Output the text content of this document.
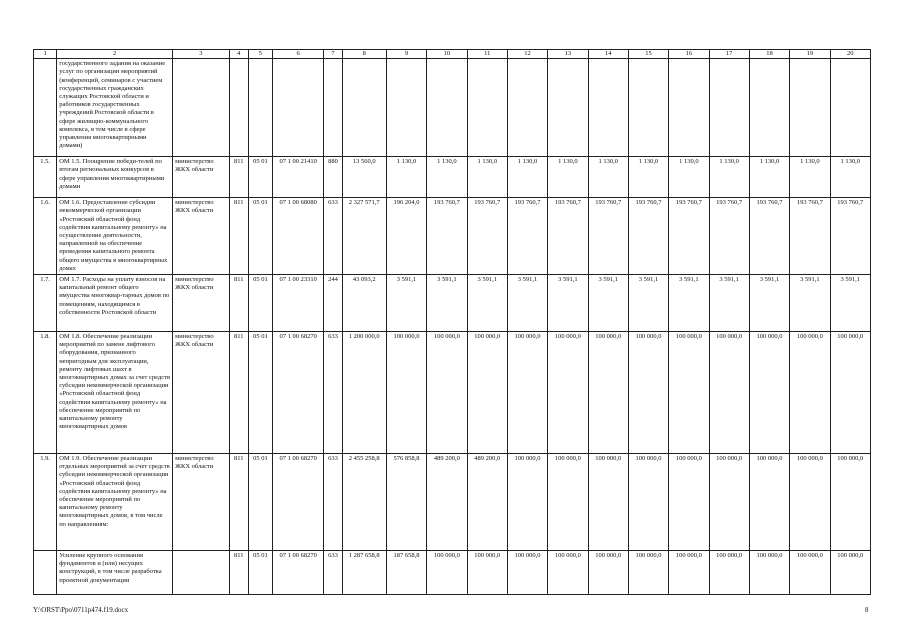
1	2	3	4	5	6	7	8	9	10	11	12	13	14	15	16	17	18	19	20
	государственного задания на оказание услуг по организации мероприятий (конференций, семинаров с участием государственных гражданских служащих Ростовской области и работников государственных учреждений Ростовской области в сфере жилищно-коммунального комплекса, в том числе в сфере управления многоквартирными домами)																		
1.5.	ОМ 1.5. Поощрение победи-телей по итогам региональных конкурсов в сфере управления многоквартирными домами	министерство ЖКХ области	811	05 01	07 1 00 21410	880	13 560,0	1 130,0	1 130,0	1 130,0	1 130,0	1 130,0	1 130,0	1 130,0	1 130,0	1 130,0	1 130,0	1 130,0	1 130,0
1.6.	ОМ 1.6. Предоставление субсидии некоммерческой организации «Ростовский областной фонд содействия капитальному ремонту» на осуществление деятельности, направленной на обеспечение проведения капитального ремонта общего имущества в многоквартирных домах	министерство ЖКХ области	811	05 01	07 1 00 68080	633	2 327 571,7	196 204,0	193 760,7	193 760,7	193 760,7	193 760,7	193 760,7	193 760,7	193 760,7	193 760,7	193 760,7	193 760,7	193 760,7
1.7.	ОМ 1.7. Расходы на уплату взносов на капитальный ремонт общего имущества многоквар-тарных домов по помещениям, находящимся в собственности Ростовской области	министерство ЖКХ области	811	05 01	07 1 00 23310	244	43 093,2	3 591,1	3 591,1	3 591,1	3 591,1	3 591,1	3 591,1	3 591,1	3 591,1	3 591,1	3 591,1	3 591,1	3 591,1
1.8.	ОМ 1.8. Обеспечение реализации мероприятий по замене лифтового оборудования, признанного непригодным для эксплуатации, ремонту лифтовых шахт в многоквартирных домах за счет средств субсидии некоммерческой организации «Ростовский областной фонд содействия капитальному ремонту» на обеспечение мероприятий по капитальному ремонту многоквартирных домов	министерство ЖКХ области	811	05 01	07 1 00 68270	633	1 200 000,0	100 000,0	100 000,0	100 000,0	100 000,0	100 000,0	100 000,0	100 000,0	100 000,0	100 000,0	100 000,0	100 000,0	100 000,0
1.9.	ОМ 1.9. Обеспечение реализации отдельных мероприятий за счет средств субсидии некоммерческой организации «Ростовский областной фонд содействия капитальному ремонту» на обеспечение мероприятий по капитальному ремонту многоквартирных домов, в том числе по направлениям:	министерство ЖКХ области	811	05 01	07 1 00 68270	633	2 455 258,8	576 858,8	489 200,0	489 200,0	100 000,0	100 000,0	100 000,0	100 000,0	100 000,0	100 000,0	100 000,0	100 000,0	100 000,0
	Усиление крупного основания фундаментов и (или) несущих конструкций, в том числе разработка проектной документации		811	05 01	07 1 00 68270	633	1 287 658,8	187 658,8	100 000,0	100 000,0	100 000,0	100 000,0	100 000,0	100 000,0	100 000,0	100 000,0	100 000,0	100 000,0	100 000,0
Y:\ORST\Ppo\0711p474.f19.docx	8
